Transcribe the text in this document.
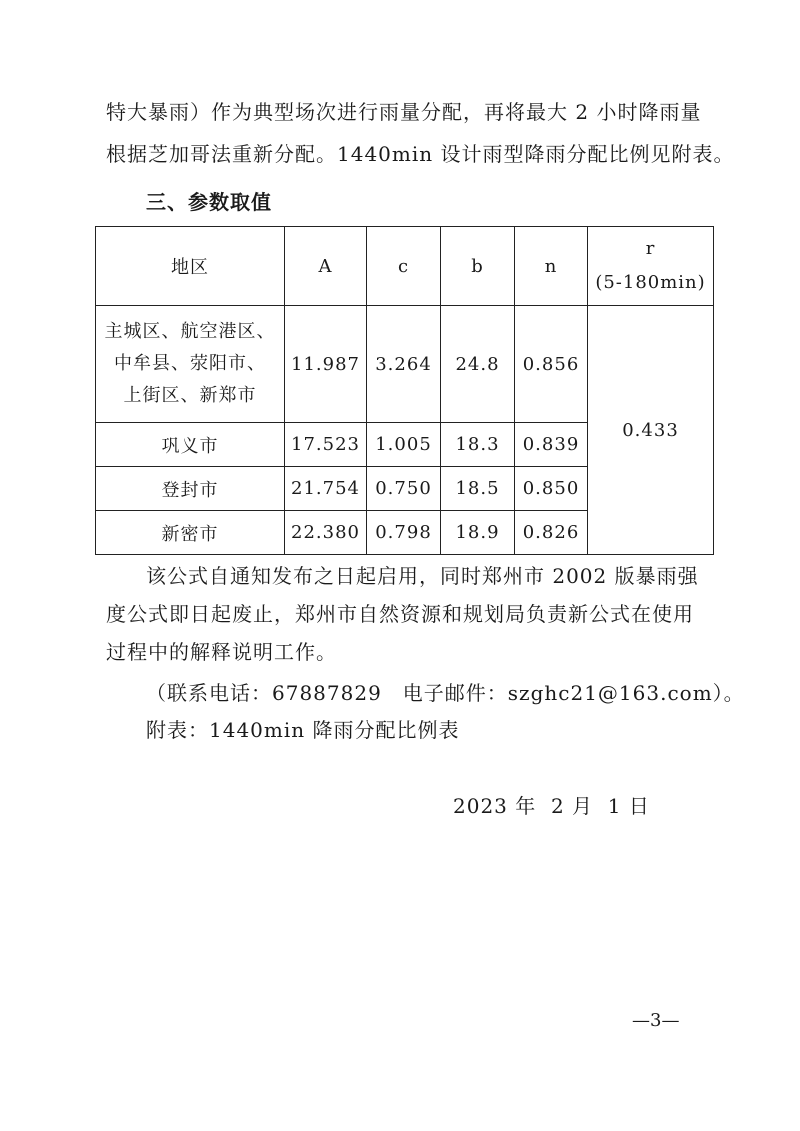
特大暴雨）作为典型场次进行雨量分配，再将最大 2 小时降雨量
根据芝加哥法重新分配。1440min 设计雨型降雨分配比例见附表。
三、参数取值
地区	A	c	b	n	r
(5-180min)

主城区、航空港区、
中牟县、荥阳市、
上街区、新郑市	11.987	3.264	24.8	0.856	0.433
巩义市	17.523	1.005	18.3	0.839	
登封市	21.754	0.750	18.5	0.850	
新密市	22.380	0.798	18.9	0.826	
该公式自通知发布之日起启用，同时郑州市 2002 版暴雨强
度公式即日起废止，郑州市自然资源和规划局负责新公式在使用
过程中的解释说明工作。
（联系电话：67887829　电子邮件：szghc21@163.com）。
附表：1440min 降雨分配比例表
2023 年  2 月  1 日
—3—
